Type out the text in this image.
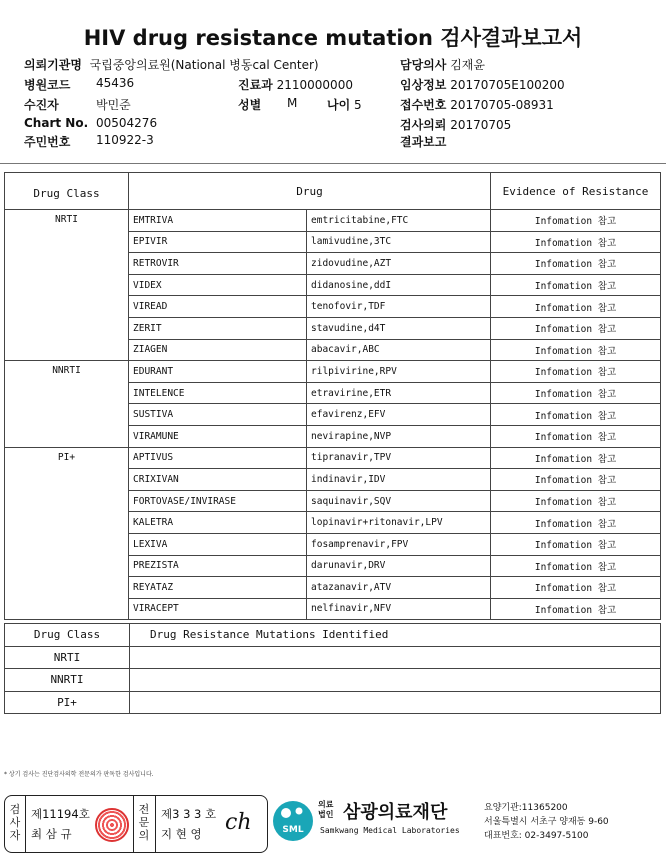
HIV drug resistance mutation 검사결과보고서
의뢰기관명 국립중앙의료원(National 병동cal Center)	담당의사 김재윤
병원코드 45436	진료과 2110000000	임상정보 20170705E100200
수진자	박민준	성별 M 나이 5	접수번호 20170705-08931
Chart No. 00504276	검사의뢰 20170705
주민번호 110922-3	결과보고
Drug Class	Drug		Evidence of Resistance
NRTI	EMTRIVA	emtricitabine,FTC	Infomation 참고
	EPIVIR	lamivudine,3TC	Infomation 참고
	RETROVIR	zidovudine,AZT	Infomation 참고
	VIDEX	didanosine,ddI	Infomation 참고
	VIREAD	tenofovir,TDF	Infomation 참고
	ZERIT	stavudine,d4T	Infomation 참고
	ZIAGEN	abacavir,ABC	Infomation 참고
NNRTI	EDURANT	rilpivirine,RPV	Infomation 참고
	INTELENCE	etravirine,ETR	Infomation 참고
	SUSTIVA	efavirenz,EFV	Infomation 참고
	VIRAMUNE	nevirapine,NVP	Infomation 참고
PI+	APTIVUS	tipranavir,TPV	Infomation 참고
	CRIXIVAN	indinavir,IDV	Infomation 참고
	FORTOVASE/INVIRASE	saquinavir,SQV	Infomation 참고
	KALETRA	lopinavir+ritonavir,LPV	Infomation 참고
	LEXIVA	fosamprenavir,FPV	Infomation 참고
	PREZISTA	darunavir,DRV	Infomation 참고
	REYATAZ	atazanavir,ATV	Infomation 참고
	VIRACEPT	nelfinavir,NFV	Infomation 참고
Drug Class	Drug Resistance Mutations Identified
NRTI	
NNRTI	
PI+	
* 상기 검사는 진단검사의학 전문의가 판독한 검사입니다.
검사자
제11194호
최 삼 규
전문의
제3 3 3 호
지 현 영 ch	SML
의료
법인 삼광의료재단
Samkwang Medical Laboratories
요양기관:11365200
서울특별시 서초구 양재동 9-60
대표번호: 02-3497-5100
